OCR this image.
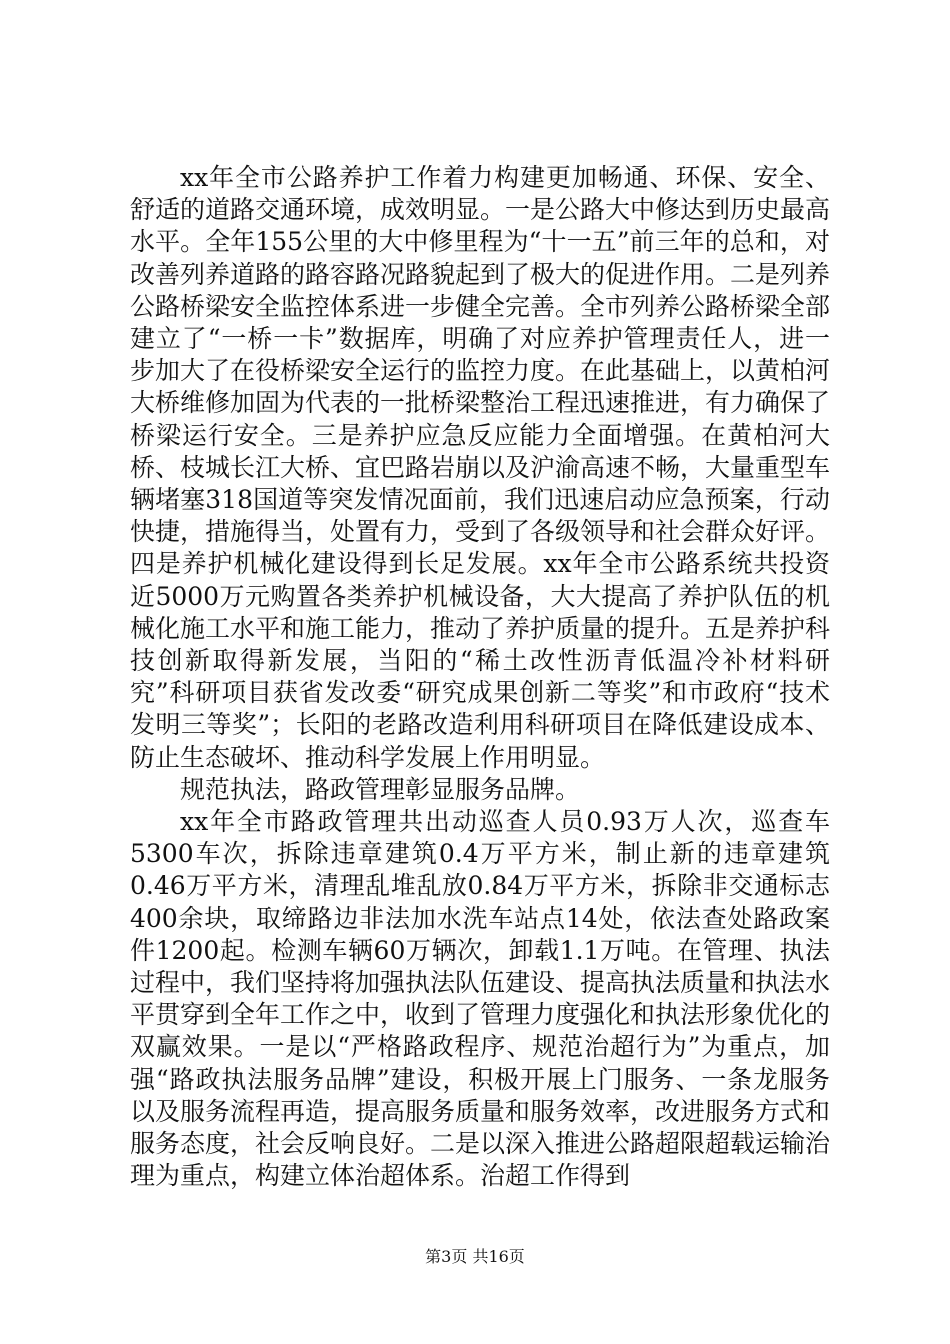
xx年全市公路养护工作着力构建更加畅通、环保、安全、舒适的道路交通环境，成效明显。一是公路大中修达到历史最高水平。全年155公里的大中修里程为“十一五”前三年的总和，对改善列养道路的路容路况路貌起到了极大的促进作用。二是列养公路桥梁安全监控体系进一步健全完善。全市列养公路桥梁全部建立了“一桥一卡”数据库，明确了对应养护管理责任人，进一步加大了在役桥梁安全运行的监控力度。在此基础上，以黄柏河大桥维修加固为代表的一批桥梁整治工程迅速推进，有力确保了桥梁运行安全。三是养护应急反应能力全面增强。在黄柏河大桥、枝城长江大桥、宜巴路岩崩以及沪渝高速不畅，大量重型车辆堵塞318国道等突发情况面前，我们迅速启动应急预案，行动快捷，措施得当，处置有力，受到了各级领导和社会群众好评。四是养护机械化建设得到长足发展。xx年全市公路系统共投资近5000万元购置各类养护机械设备，大大提高了养护队伍的机械化施工水平和施工能力，推动了养护质量的提升。五是养护科技创新取得新发展，当阳的“稀土改性沥青低温冷补材料研究”科研项目获省发改委“研究成果创新二等奖”和市政府“技术发明三等奖”；长阳的老路改造利用科研项目在降低建设成本、防止生态破坏、推动科学发展上作用明显。

规范执法，路政管理彰显服务品牌。

xx年全市路政管理共出动巡查人员0.93万人次，巡查车5300车次，拆除违章建筑0.4万平方米，制止新的违章建筑0.46万平方米，清理乱堆乱放0.84万平方米，拆除非交通标志400余块，取缔路边非法加水洗车站点14处，依法查处路政案件1200起。检测车辆60万辆次，卸载1.1万吨。在管理、执法过程中，我们坚持将加强执法队伍建设、提高执法质量和执法水平贯穿到全年工作之中，收到了管理力度强化和执法形象优化的双赢效果。一是以“严格路政程序、规范治超行为”为重点，加强“路政执法服务品牌”建设，积极开展上门服务、一条龙服务以及服务流程再造，提高服务质量和服务效率，改进服务方式和服务态度，社会反响良好。二是以深入推进公路超限超载运输治理为重点，构建立体治超体系。治超工作得到

第3页 共16页
